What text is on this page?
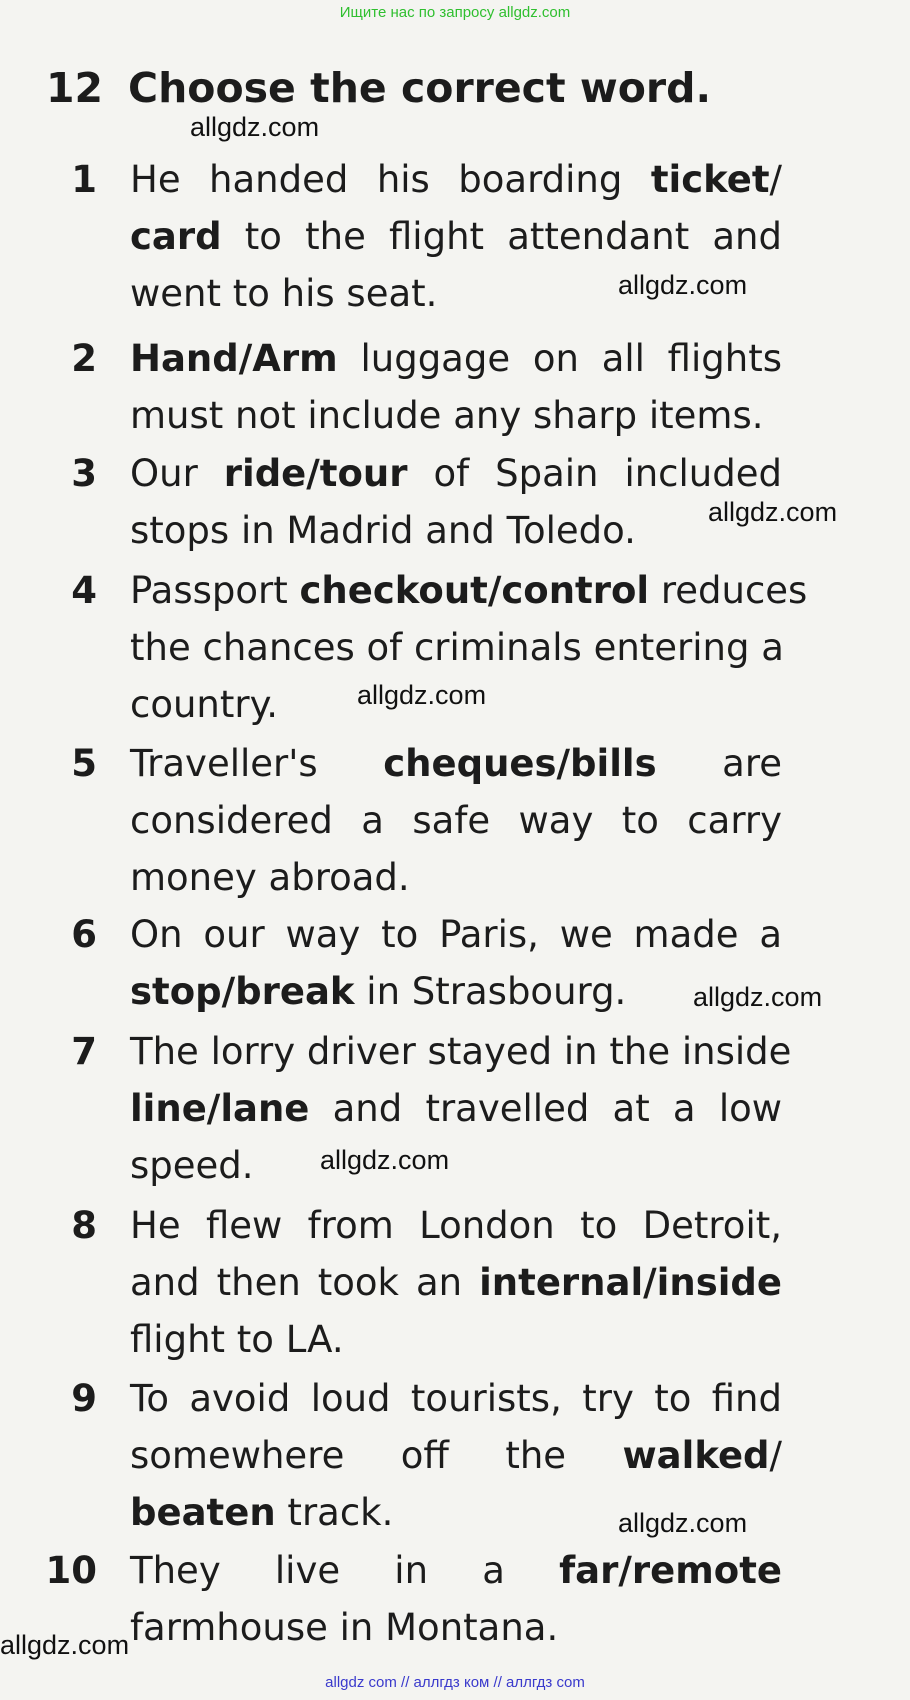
Ищите нас по запросу allgdz.com
12 Choose the correct word.
1 He handed his boarding ticket/
card to the flight attendant and
went to his seat.
2 Hand/Arm luggage on all flights
must not include any sharp items.
3 Our ride/tour of Spain included
stops in Madrid and Toledo.
4 Passport checkout/control reduces
the chances of criminals entering a
country.
5 Traveller's cheques/bills are
considered a safe way to carry
money abroad.
6 On our way to Paris, we made a
stop/break in Strasbourg.
7 The lorry driver stayed in the inside
line/lane and travelled at a low
speed.
8 He flew from London to Detroit,
and then took an internal/inside
flight to LA.
9 To avoid loud tourists, try to find
somewhere off the walked/
beaten track.
10 They live in a far/remote
farmhouse in Montana.
allgdz.com
allgdz.com
allgdz.com
allgdz.com
allgdz.com
allgdz.com
allgdz.com
allgdz.com
allgdz com // аллгдз ком // аллгдз com
